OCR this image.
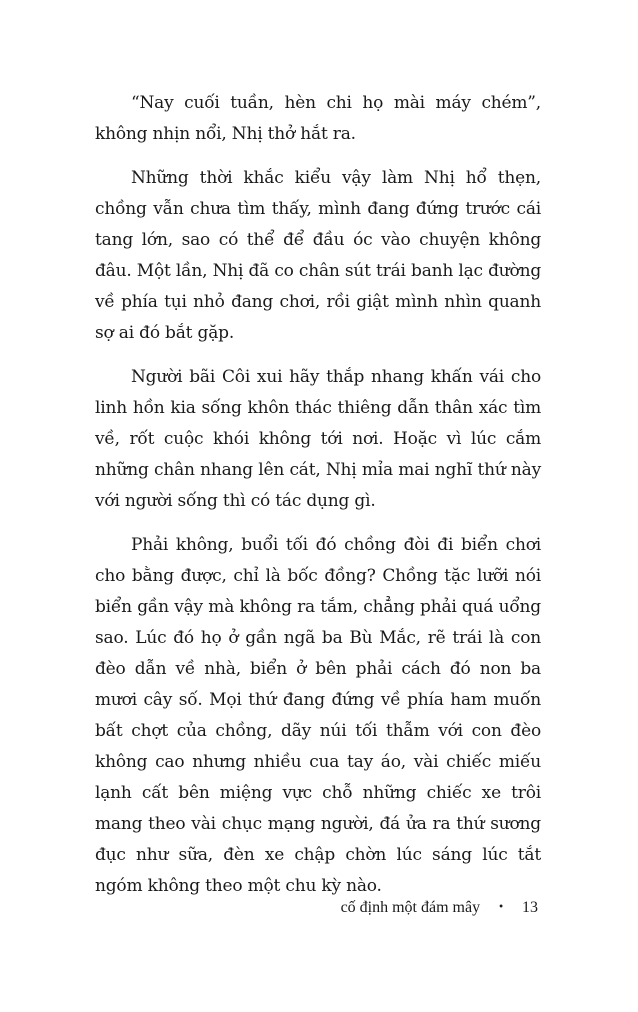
“Nay cuối tuần, hèn chi họ mài máy chém”, không nhịn nổi, Nhị thở hắt ra.

Những thời khắc kiểu vậy làm Nhị hổ thẹn, chồng vẫn chưa tìm thấy, mình đang đứng trước cái tang lớn, sao có thể để đầu óc vào chuyện không đâu. Một lần, Nhị đã co chân sút trái banh lạc đường về phía tụi nhỏ đang chơi, rồi giật mình nhìn quanh sợ ai đó bắt gặp.

Người bãi Côi xui hãy thắp nhang khấn vái cho linh hồn kia sống khôn thác thiêng dẫn thân xác tìm về, rốt cuộc khói không tới nơi. Hoặc vì lúc cắm những chân nhang lên cát, Nhị mỉa mai nghĩ thứ này với người sống thì có tác dụng gì.

Phải không, buổi tối đó chồng đòi đi biển chơi cho bằng được, chỉ là bốc đồng? Chồng tặc lưỡi nói biển gần vậy mà không ra tắm, chẳng phải quá uổng sao. Lúc đó họ ở gần ngã ba Bù Mắc, rẽ trái là con đèo dẫn về nhà, biển ở bên phải cách đó non ba mươi cây số. Mọi thứ đang đứng về phía ham muốn bất chợt của chồng, dãy núi tối thẫm với con đèo không cao nhưng nhiều cua tay áo, vài chiếc miếu lạnh cất bên miệng vực chỗ những chiếc xe trôi mang theo vài chục mạng người, đá ửa ra thứ sương đục như sữa, đèn xe chập chờn lúc sáng lúc tắt ngóm không theo một chu kỳ nào.

cố định một đám mây • 13
